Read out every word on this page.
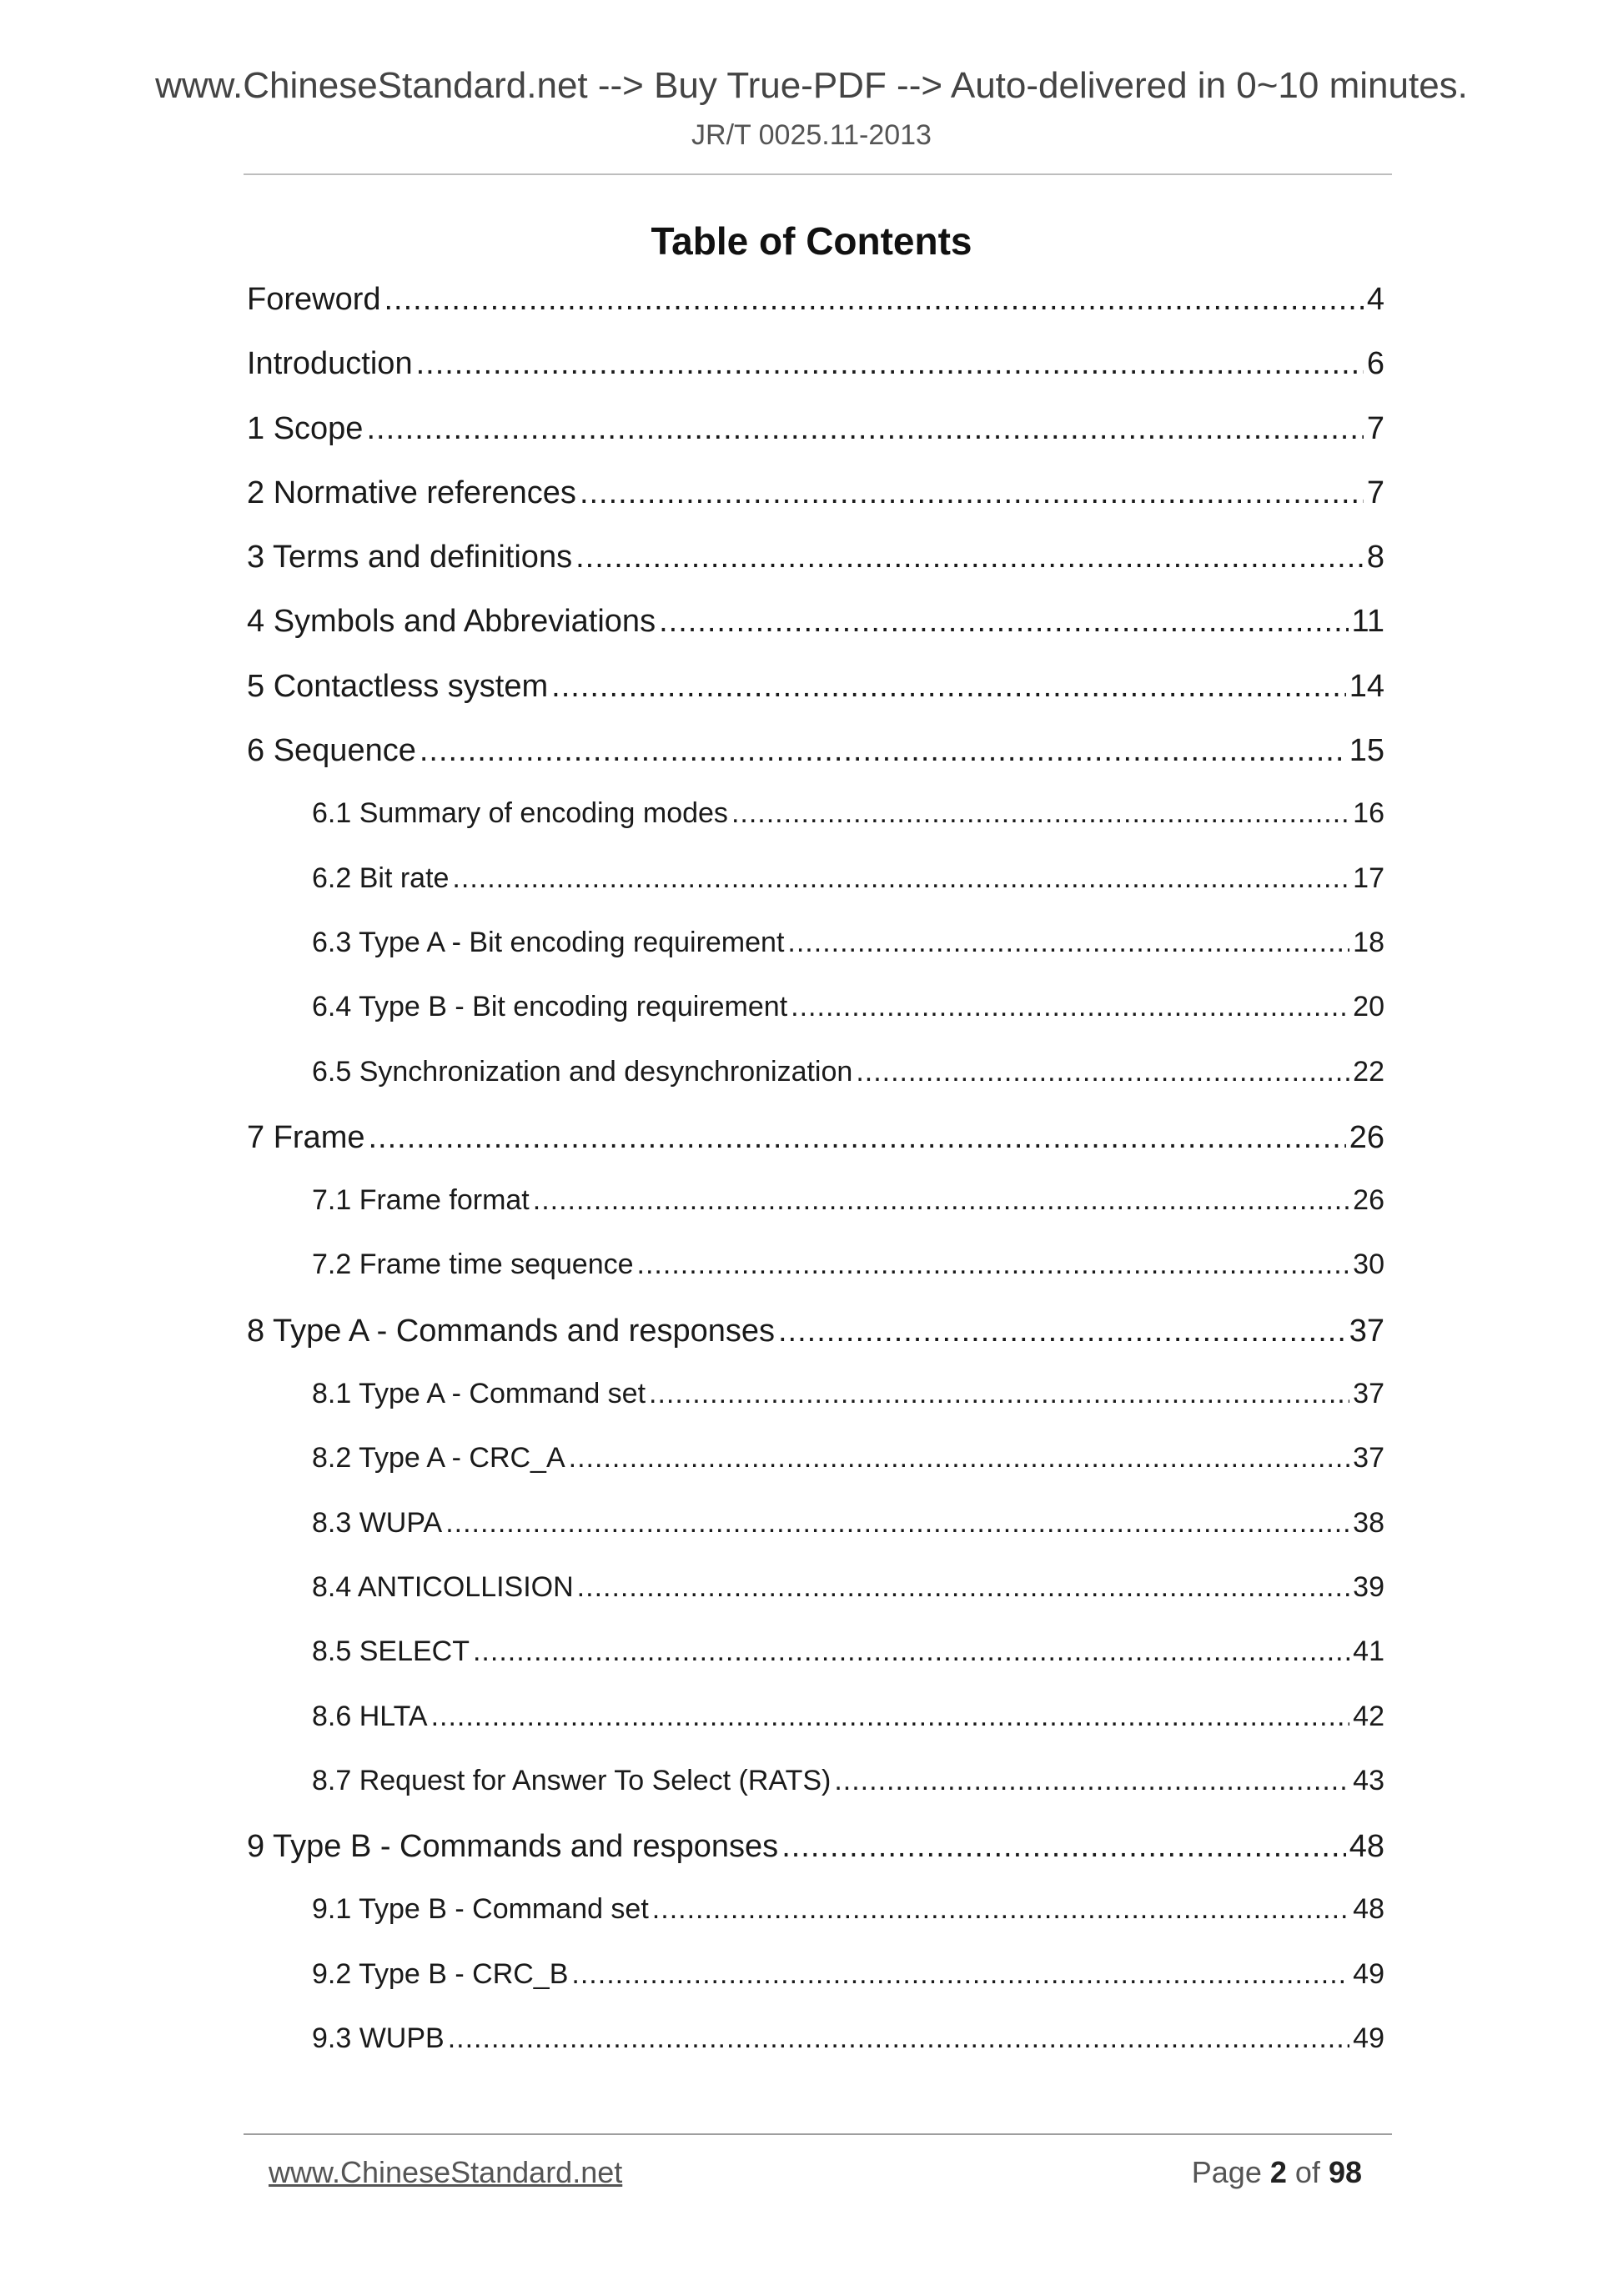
www.ChineseStandard.net --> Buy True-PDF --> Auto-delivered in 0~10 minutes.
JR/T 0025.11-2013
Table of Contents
Foreword .....	4
Introduction .....	6
1 Scope .....	7
2 Normative references .....	7
3 Terms and definitions .....	8
4 Symbols and Abbreviations .....	11
5 Contactless system .....	14
6 Sequence .....	15
6.1 Summary of encoding modes .....	16
6.2 Bit rate .....	17
6.3 Type A - Bit encoding requirement .....	18
6.4 Type B - Bit encoding requirement .....	20
6.5 Synchronization and desynchronization .....	22
7 Frame .....	26
7.1 Frame format .....	26
7.2 Frame time sequence .....	30
8 Type A - Commands and responses .....	37
8.1 Type A - Command set .....	37
8.2 Type A - CRC_A .....	37
8.3 WUPA .....	38
8.4 ANTICOLLISION .....	39
8.5 SELECT .....	41
8.6 HLTA .....	42
8.7 Request for Answer To Select (RATS) .....	43
9 Type B - Commands and responses .....	48
9.1 Type B - Command set .....	48
9.2 Type B - CRC_B .....	49
9.3 WUPB .....	49
www.ChineseStandard.net	Page 2 of 98
